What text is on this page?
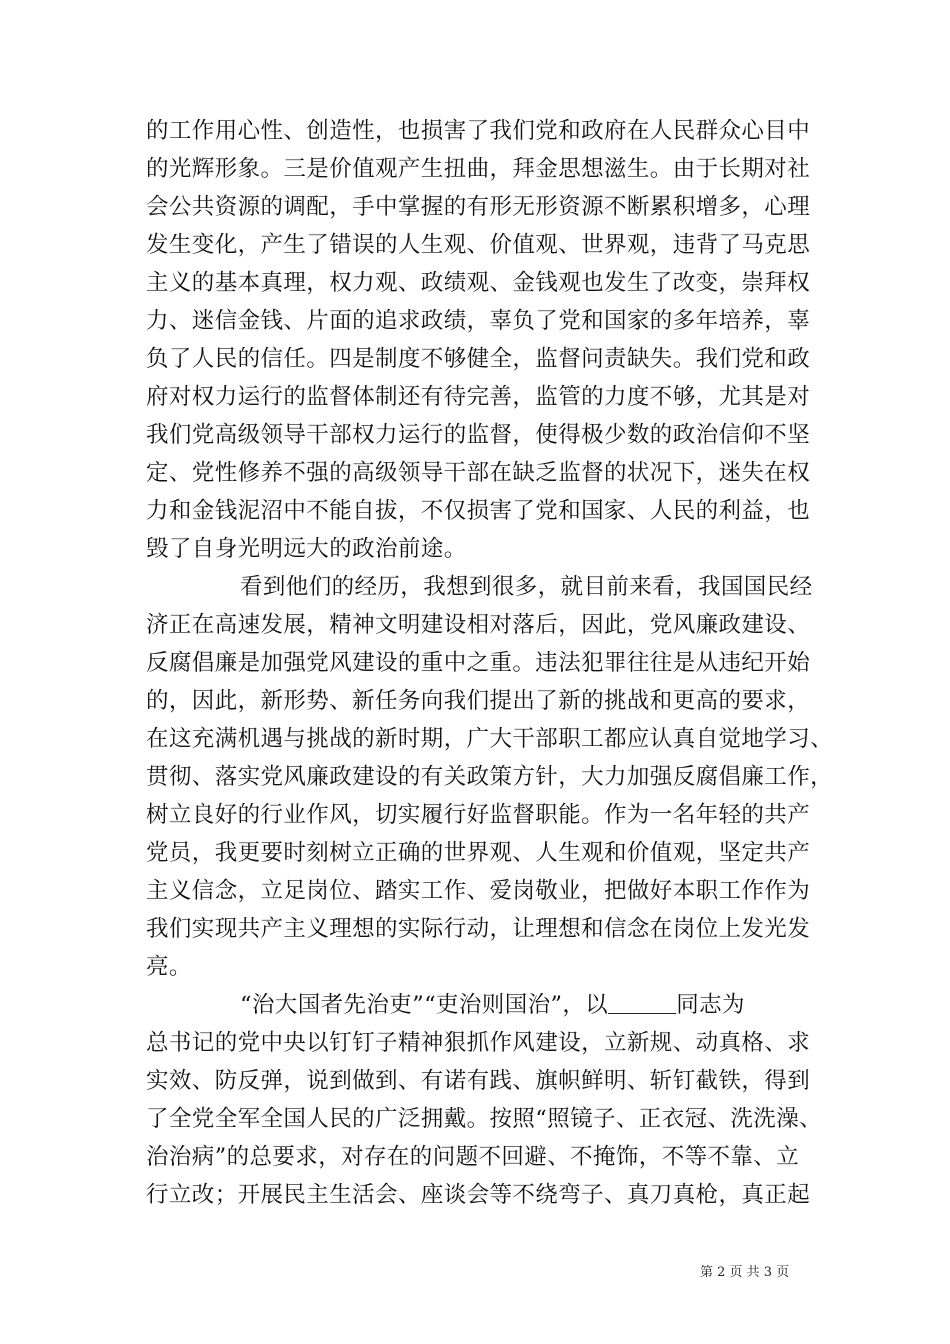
的工作用心性、创造性，也损害了我们党和政府在人民群众心目中
的光辉形象。三是价值观产生扭曲，拜金思想滋生。由于长期对社
会公共资源的调配，手中掌握的有形无形资源不断累积增多，心理
发生变化，产生了错误的人生观、价值观、世界观，违背了马克思
主义的基本真理，权力观、政绩观、金钱观也发生了改变，崇拜权
力、迷信金钱、片面的追求政绩，辜负了党和国家的多年培养，辜
负了人民的信任。四是制度不够健全，监督问责缺失。我们党和政
府对权力运行的监督体制还有待完善，监管的力度不够，尤其是对
我们党高级领导干部权力运行的监督，使得极少数的政治信仰不坚
定、党性修养不强的高级领导干部在缺乏监督的状况下，迷失在权
力和金钱泥沼中不能自拔，不仅损害了党和国家、人民的利益，也
毁了自身光明远大的政治前途。
看到他们的经历，我想到很多，就目前来看，我国国民经
济正在高速发展，精神文明建设相对落后，因此，党风廉政建设、
反腐倡廉是加强党风建设的重中之重。违法犯罪往往是从违纪开始
的，因此，新形势、新任务向我们提出了新的挑战和更高的要求，
在这充满机遇与挑战的新时期，广大干部职工都应认真自觉地学习、
贯彻、落实党风廉政建设的有关政策方针，大力加强反腐倡廉工作，
树立良好的行业作风，切实履行好监督职能。作为一名年轻的共产
党员，我更要时刻树立正确的世界观、人生观和价值观，坚定共产
主义信念，立足岗位、踏实工作、爱岗敬业，把做好本职工作作为
我们实现共产主义理想的实际行动，让理想和信念在岗位上发光发
亮。
“治大国者先治吏”“吏治则国治”，以	同志为
总书记的党中央以钉钉子精神狠抓作风建设，立新规、动真格、求
实效、防反弹，说到做到、有诺有践、旗帜鲜明、斩钉截铁，得到
了全党全军全国人民的广泛拥戴。按照“照镜子、正衣冠、洗洗澡、
治治病”的总要求，对存在的问题不回避、不掩饰，不等不靠、立
行立改；开展民主生活会、座谈会等不绕弯子、真刀真枪，真正起
第 2 页 共 3 页
